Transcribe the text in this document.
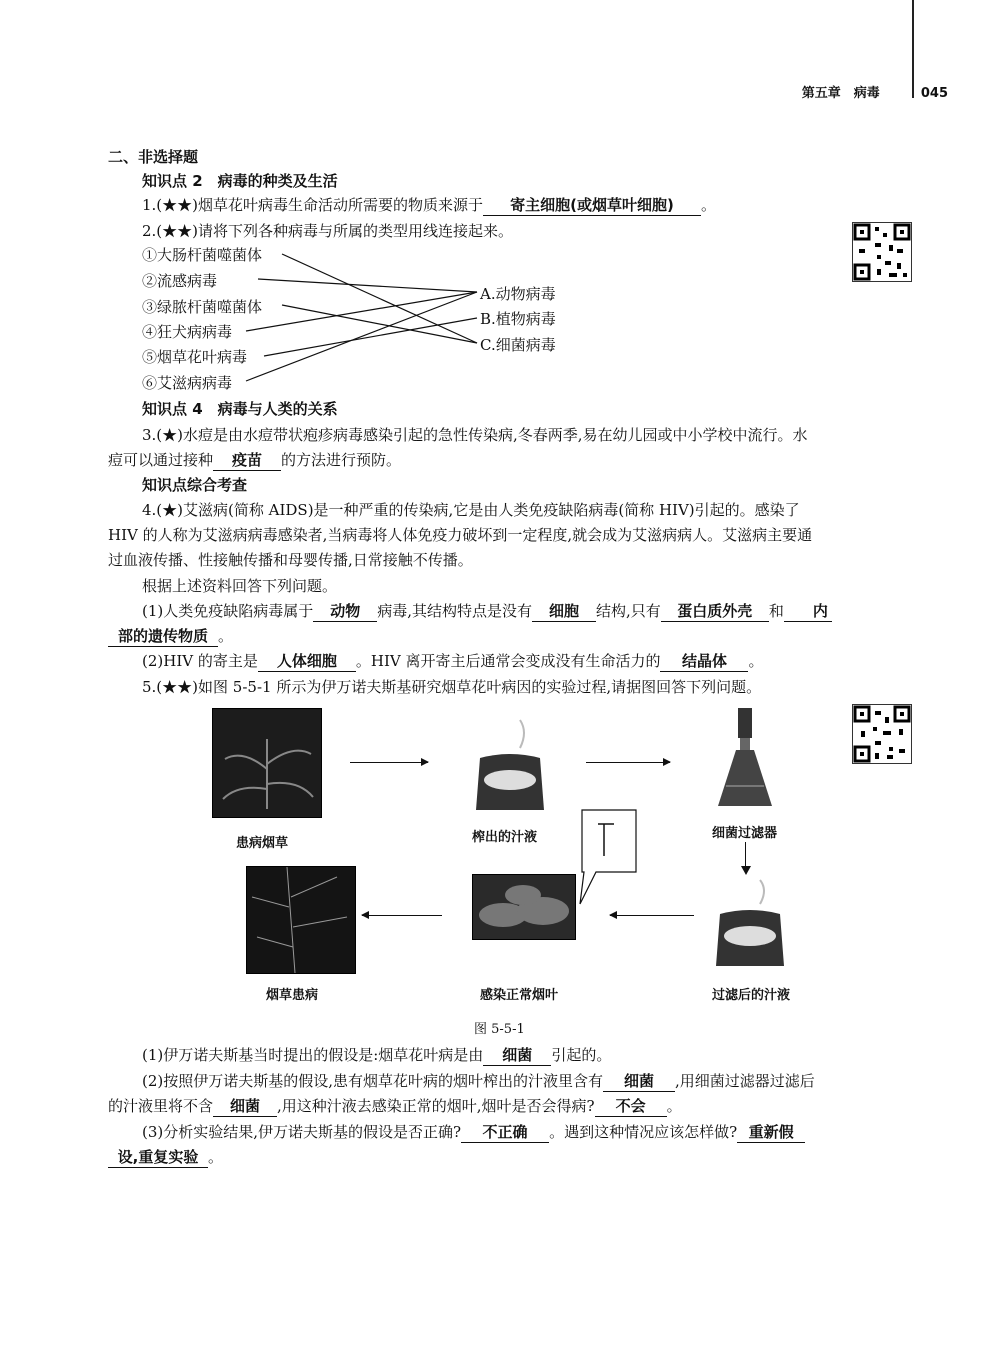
第五章　病毒	045
二、非选择题
知识点 2　病毒的种类及生活
1.(★★)烟草花叶病毒生命活动所需要的物质来源于 寄主细胞(或烟草叶细胞) 。
2.(★★)请将下列各种病毒与所属的类型用线连接起来。
①大肠杆菌噬菌体
②流感病毒
③绿脓杆菌噬菌体
④狂犬病病毒
⑤烟草花叶病毒
⑥艾滋病病毒
A.动物病毒
B.植物病毒
C.细菌病毒
知识点 4　病毒与人类的关系
3.(★)水痘是由水痘带状疱疹病毒感染引起的急性传染病,冬春两季,易在幼儿园或中小学校中流行。水
痘可以通过接种 疫苗 的方法进行预防。
知识点综合考查
4.(★)艾滋病(简称 AIDS)是一种严重的传染病,它是由人类免疫缺陷病毒(简称 HIV)引起的。感染了
HIV 的人称为艾滋病病毒感染者,当病毒将人体免疫力破坏到一定程度,就会成为艾滋病病人。艾滋病主要通
过血液传播、性接触传播和母婴传播,日常接触不传播。
根据上述资料回答下列问题。
(1)人类免疫缺陷病毒属于 动物 病毒,其结构特点是没有 细胞 结构,只有 蛋白质外壳 和 内
部的遗传物质 。
(2)HIV 的寄主是 人体细胞 。HIV 离开寄主后通常会变成没有生命活力的 结晶体 。
5.(★★)如图 5-5-1 所示为伊万诺夫斯基研究烟草花叶病因的实验过程,请据图回答下列问题。
患病烟草	榨出的汁液	细菌过滤器
烟草患病	感染正常烟叶	过滤后的汁液
图 5-5-1
(1)伊万诺夫斯基当时提出的假设是:烟草花叶病是由 细菌 引起的。
(2)按照伊万诺夫斯基的假设,患有烟草花叶病的烟叶榨出的汁液里含有 细菌 ,用细菌过滤器过滤后
的汁液里将不含 细菌 ,用这种汁液去感染正常的烟叶,烟叶是否会得病? 不会 。
(3)分析实验结果,伊万诺夫斯基的假设是否正确? 不正确 。遇到这种情况应该怎样做? 重新假
设,重复实验 。
